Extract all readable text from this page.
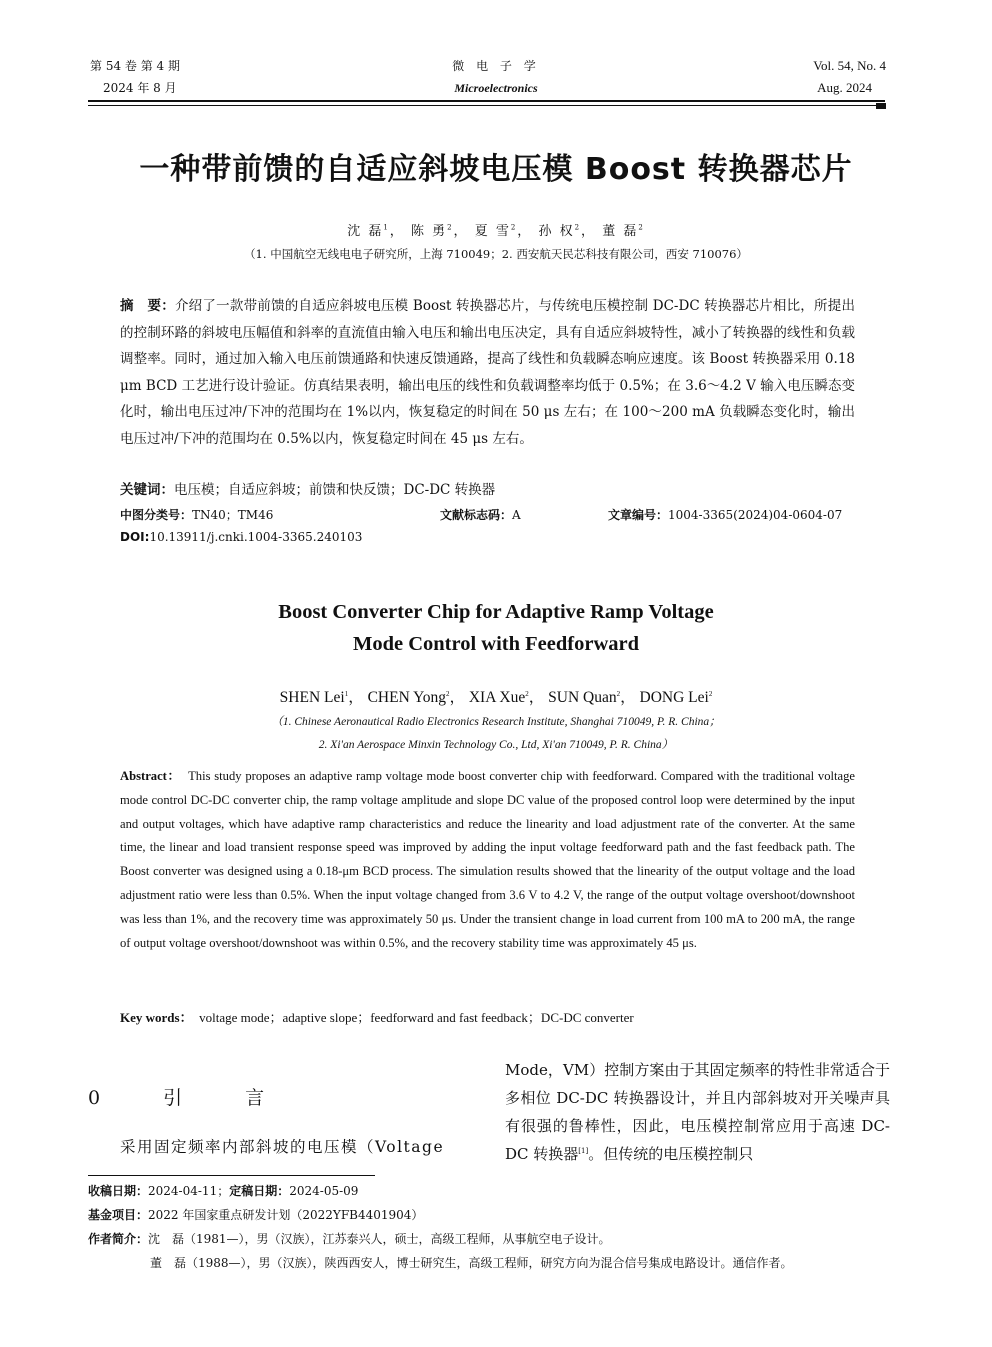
第 54 卷 第 4 期
2024 年 8 月
微 电 子 学
Microelectronics
Vol. 54, No. 4
Aug. 2024
一种带前馈的自适应斜坡电压模 Boost 转换器芯片
沈 磊$^1$， 陈 勇$^2$， 夏 雪$^2$， 孙 权$^2$， 董 磊$^2$
（1. 中国航空无线电电子研究所，上海 710049；2. 西安航天民芯科技有限公司，西安 710076）
摘　要：介绍了一款带前馈的自适应斜坡电压模 Boost 转换器芯片，与传统电压模控制 DC-DC 转换器芯片相比，所提出的控制环路的斜坡电压幅值和斜率的直流值由输入电压和输出电压决定，具有自适应斜坡特性，减小了转换器的线性和负载调整率。同时，通过加入输入电压前馈通路和快速反馈通路，提高了线性和负载瞬态响应速度。该 Boost 转换器采用 0.18 μm BCD 工艺进行设计验证。仿真结果表明，输出电压的线性和负载调整率均低于 0.5%；在 3.6～4.2 V 输入电压瞬态变化时，输出电压过冲/下冲的范围均在 1%以内，恢复稳定的时间在 50 μs 左右；在 100～200 mA 负载瞬态变化时，输出电压过冲/下冲的范围均在 0.5%以内，恢复稳定时间在 45 μs 左右。
关键词：电压模；自适应斜坡；前馈和快反馈；DC-DC 转换器
中图分类号：TN40；TM46	文献标志码：A	文章编号：1004-3365(2024)04-0604-07
DOI:10.13911/j.cnki.1004-3365.240103
Boost Converter Chip for Adaptive Ramp Voltage
Mode Control with Feedforward
SHEN Lei$^1$， CHEN Yong$^2$， XIA Xue$^2$， SUN Quan$^2$， DONG Lei$^2$
（1. Chinese Aeronautical Radio Electronics Research Institute, Shanghai 710049, P. R. China；
2. Xi'an Aerospace Minxin Technology Co., Ltd, Xi'an 710049, P. R. China）
Abstract： This study proposes an adaptive ramp voltage mode boost converter chip with feedforward. Compared with the traditional voltage mode control DC-DC converter chip, the ramp voltage amplitude and slope DC value of the proposed control loop were determined by the input and output voltages, which have adaptive ramp characteristics and reduce the linearity and load adjustment rate of the converter. At the same time, the linear and load transient response speed was improved by adding the input voltage feedforward path and the fast feedback path. The Boost converter was designed using a 0.18-μm BCD process. The simulation results showed that the linearity of the output voltage and the load adjustment ratio were less than 0.5%. When the input voltage changed from 3.6 V to 4.2 V, the range of the output voltage overshoot/downshoot was less than 1%, and the recovery time was approximately 50 μs. Under the transient change in load current from 100 mA to 200 mA, the range of output voltage overshoot/downshoot was within 0.5%, and the recovery stability time was approximately 45 μs.
Key words： voltage mode；adaptive slope；feedforward and fast feedback；DC-DC converter
0　引　言
采用固定频率内部斜坡的电压模（Voltage
Mode，VM）控制方案由于其固定频率的特性非常适合于多相位 DC-DC 转换器设计，并且内部斜坡对开关噪声具有很强的鲁棒性，因此，电压模控制常应用于高速 DC-DC 转换器[1]。但传统的电压模控制只
收稿日期：2024-04-11；定稿日期：2024-05-09
基金项目：2022 年国家重点研发计划（2022YFB4401904）
作者简介：沈　磊（1981—），男（汉族），江苏泰兴人，硕士，高级工程师，从事航空电子设计。
董　磊（1988—），男（汉族），陕西西安人，博士研究生，高级工程师，研究方向为混合信号集成电路设计。通信作者。
